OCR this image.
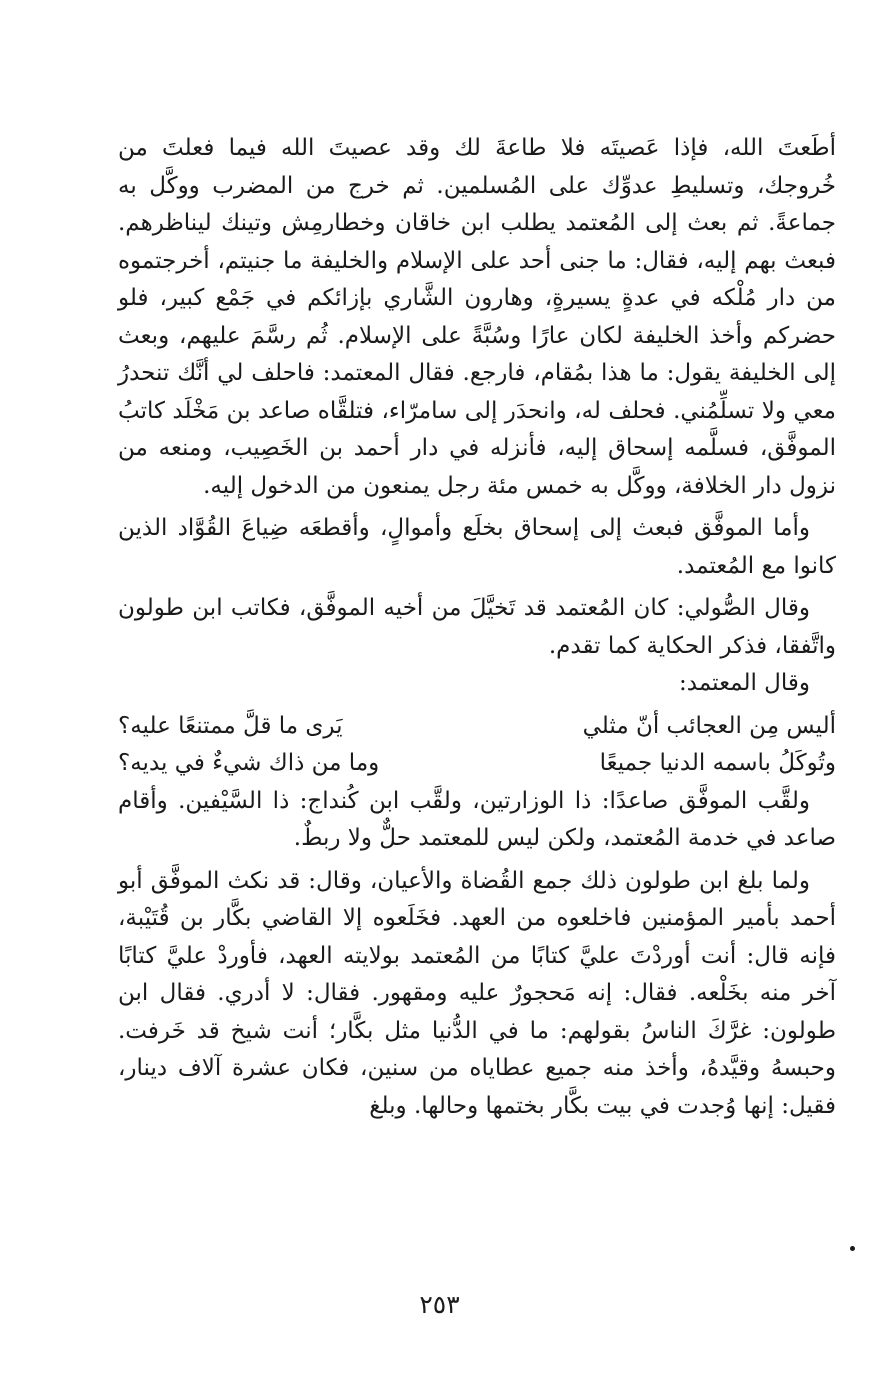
أطَعتَ الله، فإذا عَصيتَه فلا طاعةَ لك وقد عصيتَ الله فيما فعلتَ من خُروجك، وتسليطِ عدوِّك على المُسلمين. ثم خرج من المضرب ووكَّل به جماعةً. ثم بعث إلى المُعتمد يطلب ابن خاقان وخطارمِش وتينك ليناظرهم. فبعث بهم إليه، فقال: ما جنى أحد على الإسلام والخليفة ما جنيتم، أخرجتموه من دار مُلْكه في عدةٍ يسيرةٍ، وهارون الشَّاري بإزائكم في جَمْع كبير، فلو حضركم وأخذ الخليفة لكان عارًا وسُبَّةً على الإسلام. ثُم رسَّمَ عليهم، وبعث إلى الخليفة يقول: ما هذا بمُقام، فارجع. فقال المعتمد: فاحلف لي أنَّك تنحدرُ معي ولا تسلِّمُني. فحلف له، وانحدَر إلى سامرّاء، فتلقَّاه صاعد بن مَخْلَد كاتبُ الموفَّق، فسلَّمه إسحاق إليه، فأنزله في دار أحمد بن الخَصِيب، ومنعه من نزول دار الخلافة، ووكَّل به خمس مئة رجل يمنعون من الدخول إليه.

وأما الموفَّق فبعث إلى إسحاق بخلَع وأموالٍ، وأقطعَه ضِياعَ القُوَّاد الذين كانوا مع المُعتمد.

وقال الصُّولي: كان المُعتمد قد تَخيَّلَ من أخيه الموفَّق، فكاتب ابن طولون واتَّفقا، فذكر الحكاية كما تقدم.

وقال المعتمد:

أليس مِن العجائب أنّ مثلي
يَرى ما قلَّ ممتنعًا عليه؟
وتُوكَلُ باسمه الدنيا جميعًا
وما من ذاك شيءٌ في يديه؟

ولقَّب الموفَّق صاعدًا: ذا الوزارتين، ولقَّب ابن كُنداج: ذا السَّيْفين. وأقام صاعد في خدمة المُعتمد، ولكن ليس للمعتمد حلٌّ ولا ربطٌ.

ولما بلغ ابن طولون ذلك جمع القُضاة والأعيان، وقال: قد نكث الموفَّق أبو أحمد بأمير المؤمنين فاخلعوه من العهد. فخَلَعوه إلا القاضي بكَّار بن قُتَيْبة، فإنه قال: أنت أوردْتَ عليَّ كتابًا من المُعتمد بولايته العهد، فأوردْ عليَّ كتابًا آخر منه بخَلْعه. فقال: إنه مَحجورٌ عليه ومقهور. فقال: لا أدري. فقال ابن طولون: غرَّكَ الناسُ بقولهم: ما في الدُّنيا مثل بكَّار؛ أنت شيخ قد خَرفت. وحبسهُ وقيَّدهُ، وأخذ منه جميع عطاياه من سنين، فكان عشرة آلاف دينار، فقيل: إنها وُجدت في بيت بكَّار بختمها وحالها. وبلغ

٢٥٣
